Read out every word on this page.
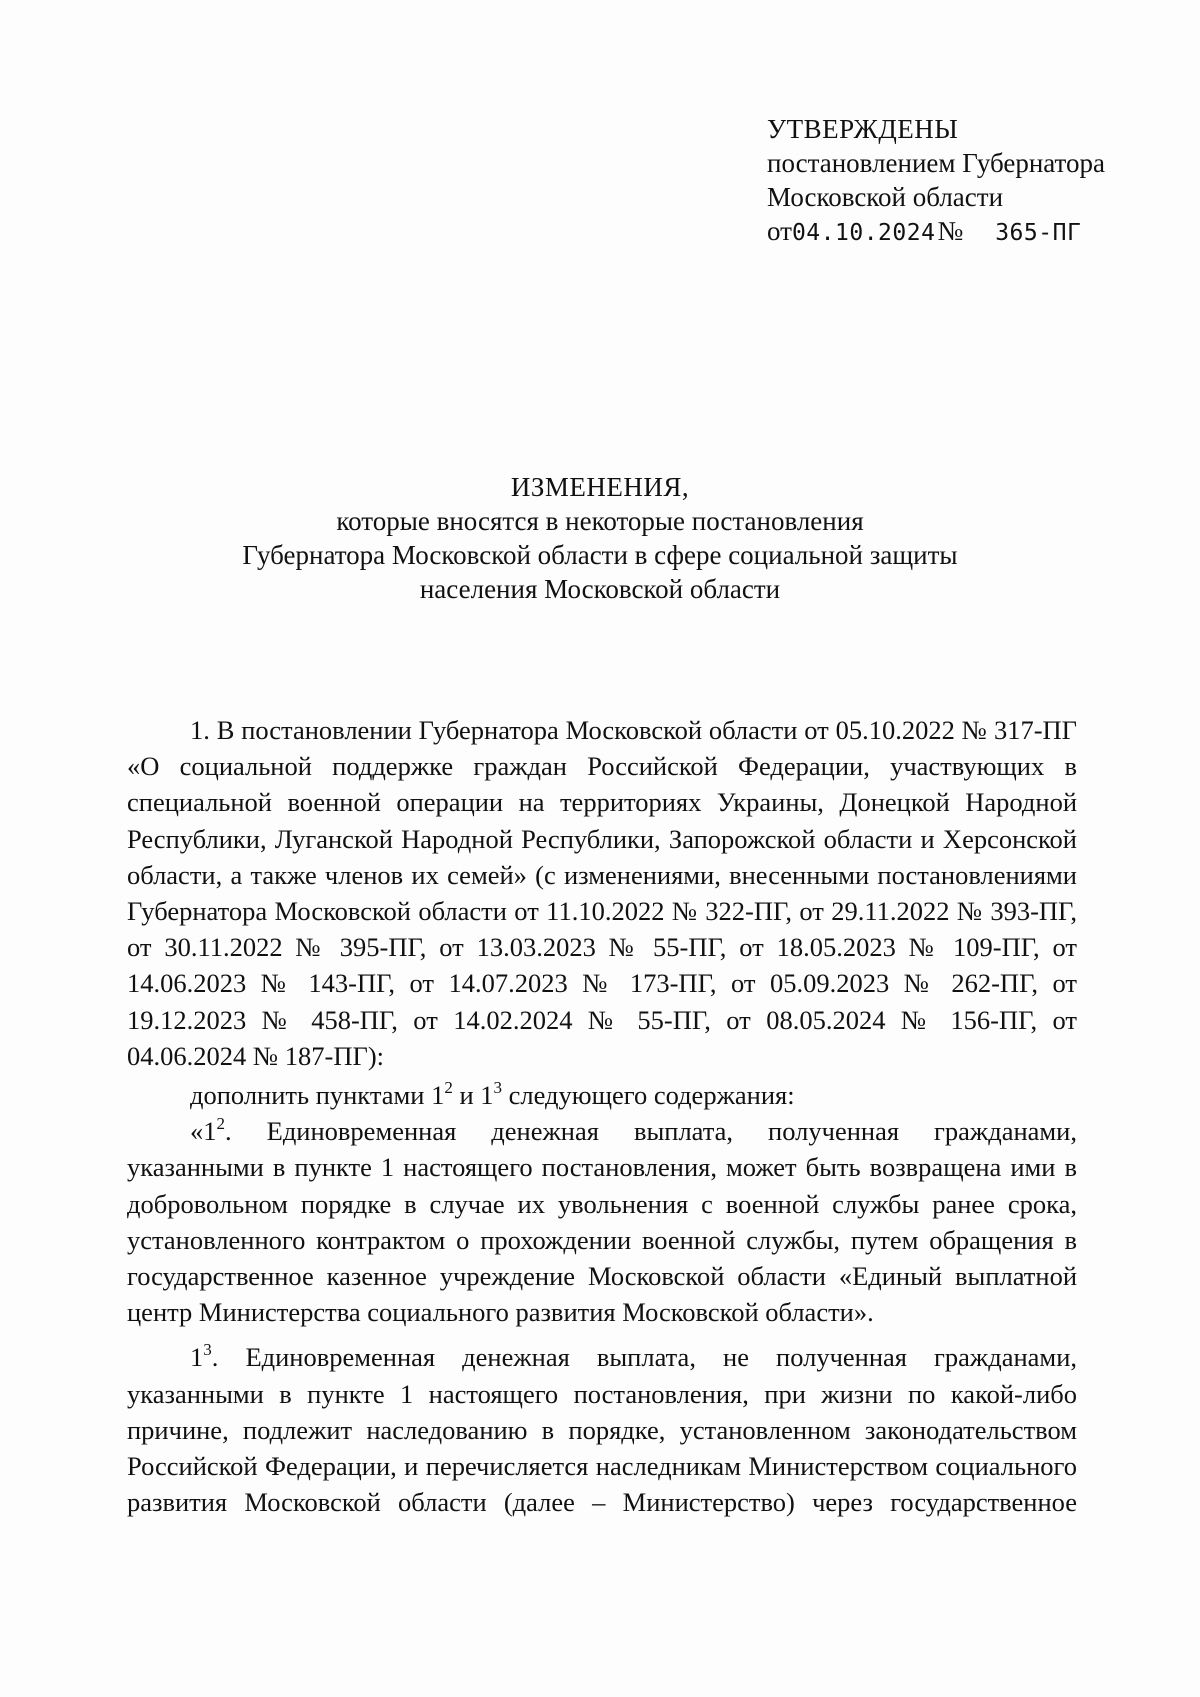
УТВЕРЖДЕНЫ
постановлением Губернатора
Московской области
от04.10.2024№ 365-ПГ
ИЗМЕНЕНИЯ,
которые вносятся в некоторые постановления
Губернатора Московской области в сфере социальной защиты
населения Московской области

1. В постановлении Губернатора Московской области от 05.10.2022 № 317-ПГ «О социальной поддержке граждан Российской Федерации, участвующих в специальной военной операции на территориях Украины, Донецкой Народной Республики, Луганской Народной Республики, Запорожской области и Херсонской области, а также членов их семей» (с изменениями, внесенными постановлениями Губернатора Московской области от 11.10.2022 № 322-ПГ, от 29.11.2022 № 393-ПГ, от 30.11.2022 № 395-ПГ, от 13.03.2023 № 55-ПГ, от 18.05.2023 № 109-ПГ, от 14.06.2023 № 143-ПГ, от 14.07.2023 № 173-ПГ, от 05.09.2023 № 262-ПГ, от 19.12.2023 № 458-ПГ, от 14.02.2024 № 55-ПГ, от 08.05.2024 № 156-ПГ, от 04.06.2024 № 187-ПГ):

дополнить пунктами $1^2$ и $1^3$ следующего содержания:

«$1^2$. Единовременная денежная выплата, полученная гражданами, указанными в пункте 1 настоящего постановления, может быть возвращена ими в добровольном порядке в случае их увольнения с военной службы ранее срока, установленного контрактом о прохождении военной службы, путем обращения в государственное казенное учреждение Московской области «Единый выплатной центр Министерства социального развития Московской области».

$1^3$. Единовременная денежная выплата, не полученная гражданами, указанными в пункте 1 настоящего постановления, при жизни по какой-либо причине, подлежит наследованию в порядке, установленном законодательством Российской Федерации, и перечисляется наследникам Министерством социального развития Московской области (далее – Министерство) через государственное
